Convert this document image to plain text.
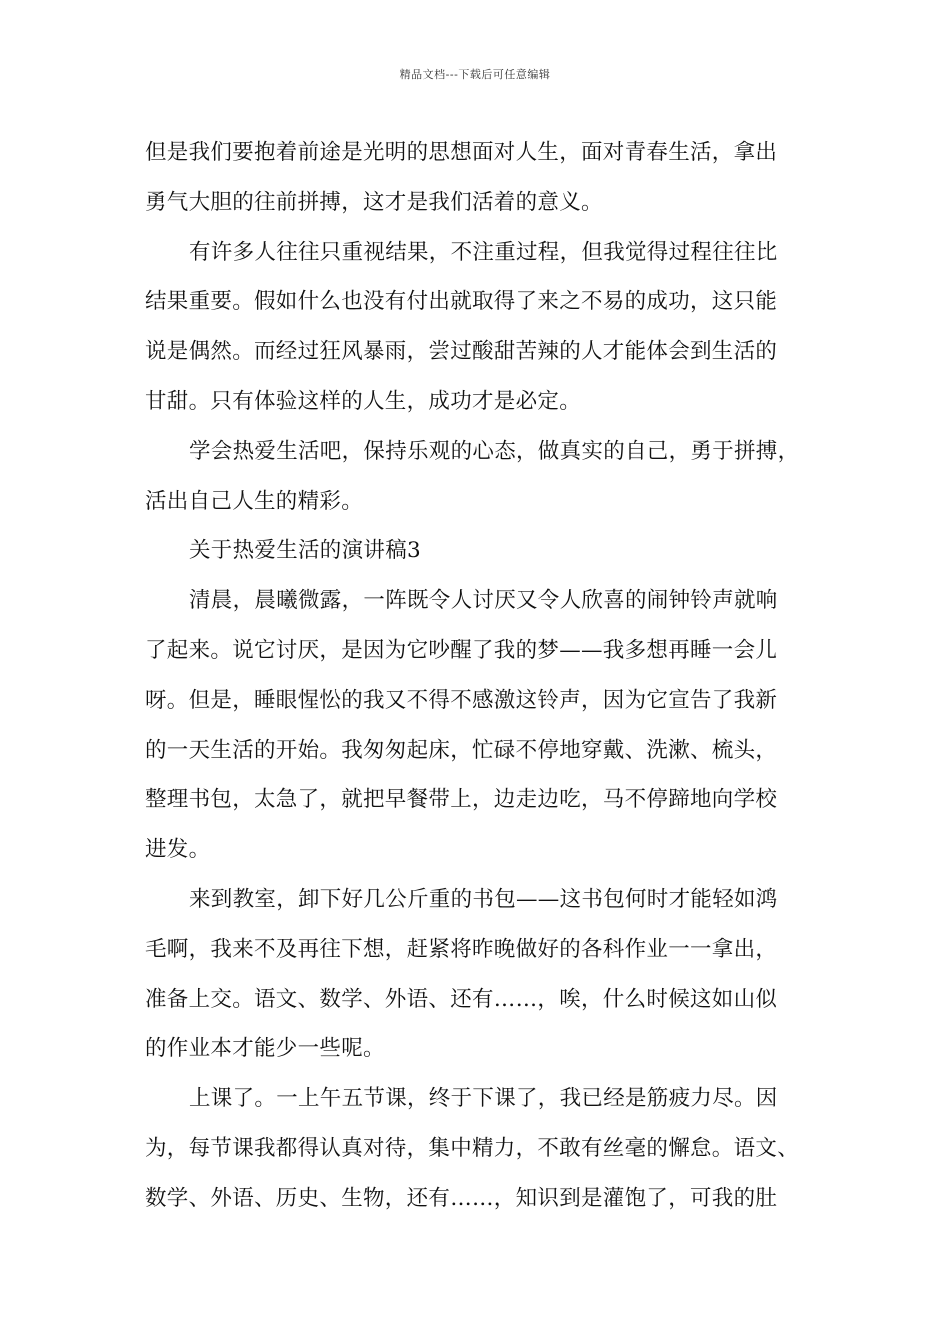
精品文档---下载后可任意编辑
但是我们要抱着前途是光明的思想面对人生，面对青春生活，拿出
勇气大胆的往前拼搏，这才是我们活着的意义。
有许多人往往只重视结果，不注重过程，但我觉得过程往往比
结果重要。假如什么也没有付出就取得了来之不易的成功，这只能
说是偶然。而经过狂风暴雨，尝过酸甜苦辣的人才能体会到生活的
甘甜。只有体验这样的人生，成功才是必定。
学会热爱生活吧，保持乐观的心态，做真实的自己，勇于拼搏，
活出自己人生的精彩。
关于热爱生活的演讲稿3
清晨，晨曦微露，一阵既令人讨厌又令人欣喜的闹钟铃声就响
了起来。说它讨厌，是因为它吵醒了我的梦——我多想再睡一会儿
呀。但是，睡眼惺忪的我又不得不感激这铃声，因为它宣告了我新
的一天生活的开始。我匆匆起床，忙碌不停地穿戴、洗漱、梳头，
整理书包，太急了，就把早餐带上，边走边吃，马不停蹄地向学校
进发。
来到教室，卸下好几公斤重的书包——这书包何时才能轻如鸿
毛啊，我来不及再往下想，赶紧将昨晚做好的各科作业一一拿出，
准备上交。语文、数学、外语、还有……，唉，什么时候这如山似
的作业本才能少一些呢。
上课了。一上午五节课，终于下课了，我已经是筋疲力尽。因
为，每节课我都得认真对待，集中精力，不敢有丝毫的懈怠。语文、
数学、外语、历史、生物，还有……，知识到是灌饱了，可我的肚
